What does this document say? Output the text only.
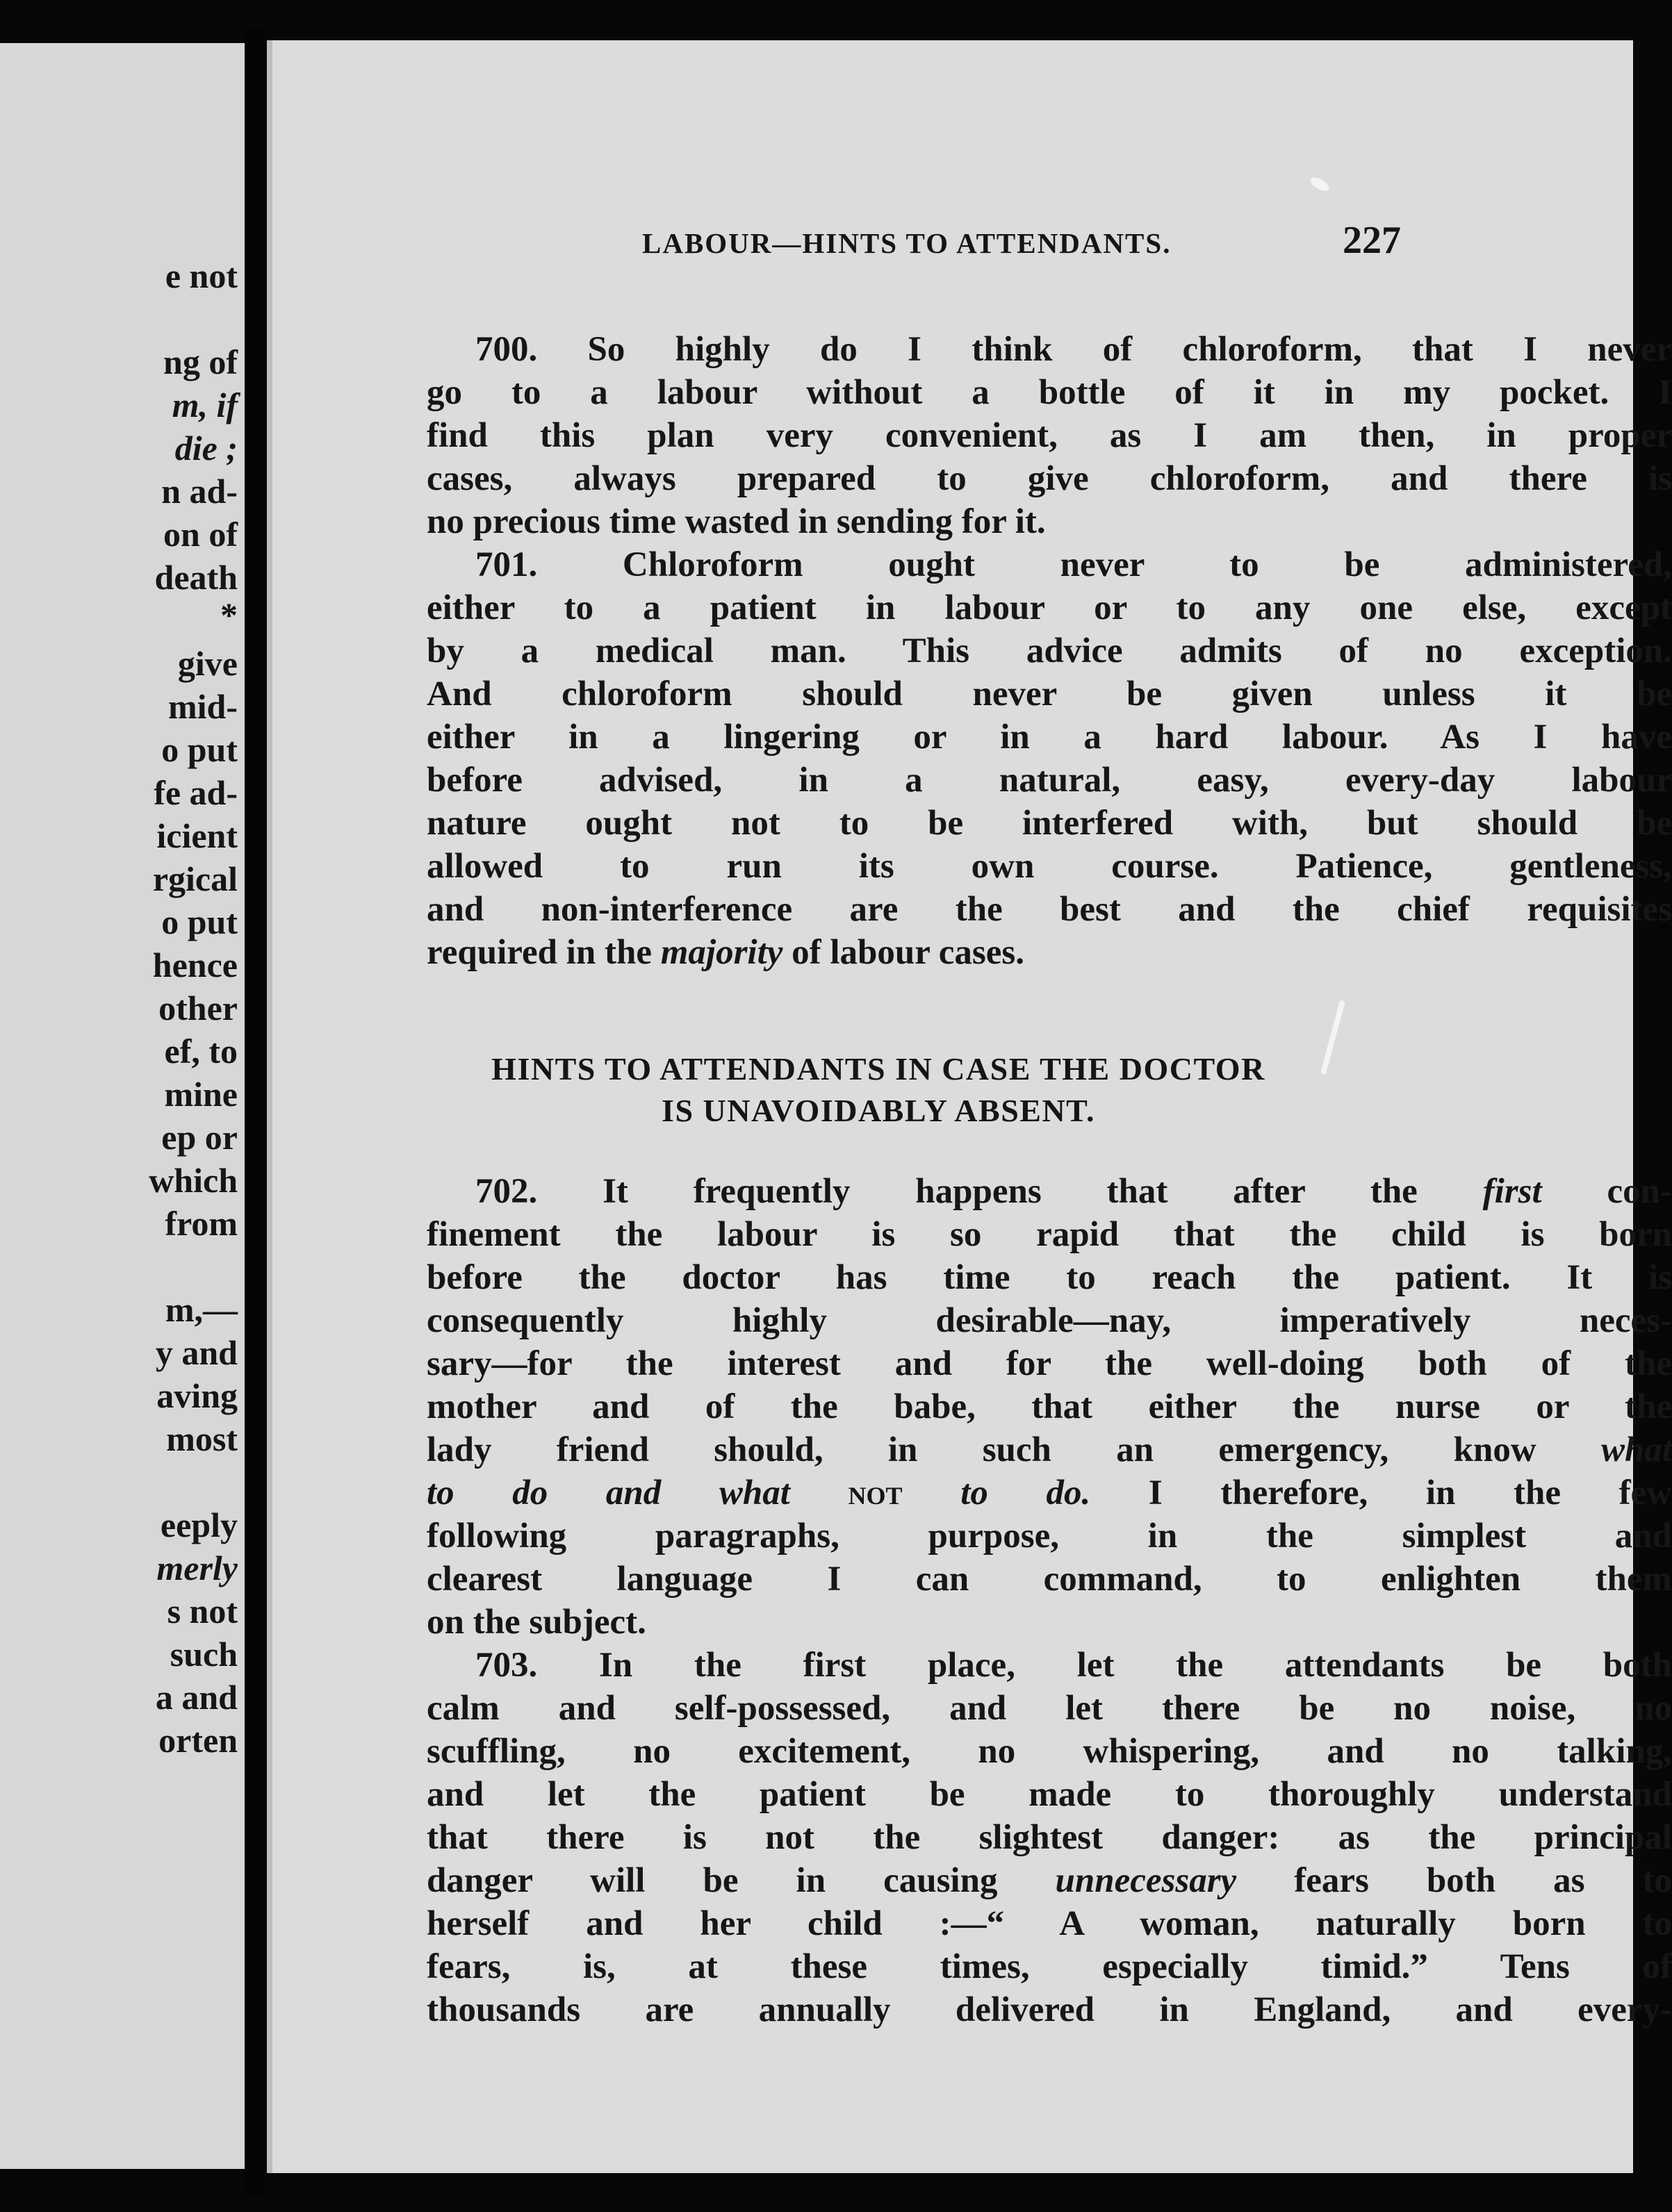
e not
ng of
m, if
die ;
n ad-
on of
death
*
give
mid-
o put
fe ad-
icient
rgical
o put
hence
other
ef, to
mine
ep or
which
from
m,—
y and
aving
most
eeply
merly
s not
such
a and
orten
LABOUR—HINTS TO ATTENDANTS.	227
700. So highly do I think of chloroform, that I never
go to a labour without a bottle of it in my pocket. I
find this plan very convenient, as I am then, in proper
cases, always prepared to give chloroform, and there is
no precious time wasted in sending for it.
701. Chloroform ought never to be administered,
either to a patient in labour or to any one else, except
by a medical man. This advice admits of no exception.
And chloroform should never be given unless it be
either in a lingering or in a hard labour. As I have
before advised, in a natural, easy, every-day labour
nature ought not to be interfered with, but should be
allowed to run its own course. Patience, gentleness,
and non-interference are the best and the chief requisites
required in the majority of labour cases.
HINTS TO ATTENDANTS IN CASE THE DOCTOR
IS UNAVOIDABLY ABSENT.
702. It frequently happens that after the first con-
finement the labour is so rapid that the child is born
before the doctor has time to reach the patient. It is
consequently highly desirable—nay, imperatively neces-
sary—for the interest and for the well-doing both of the
mother and of the babe, that either the nurse or the
lady friend should, in such an emergency, know what
to do and what not to do. I therefore, in the few
following paragraphs, purpose, in the simplest and
clearest language I can command, to enlighten them
on the subject.
703. In the first place, let the attendants be both
calm and self-possessed, and let there be no noise, no
scuffling, no excitement, no whispering, and no talking,
and let the patient be made to thoroughly understand
that there is not the slightest danger: as the principal
danger will be in causing unnecessary fears both as to
herself and her child :—“ A woman, naturally born to
fears, is, at these times, especially timid.” Tens of
thousands are annually delivered in England, and every-
